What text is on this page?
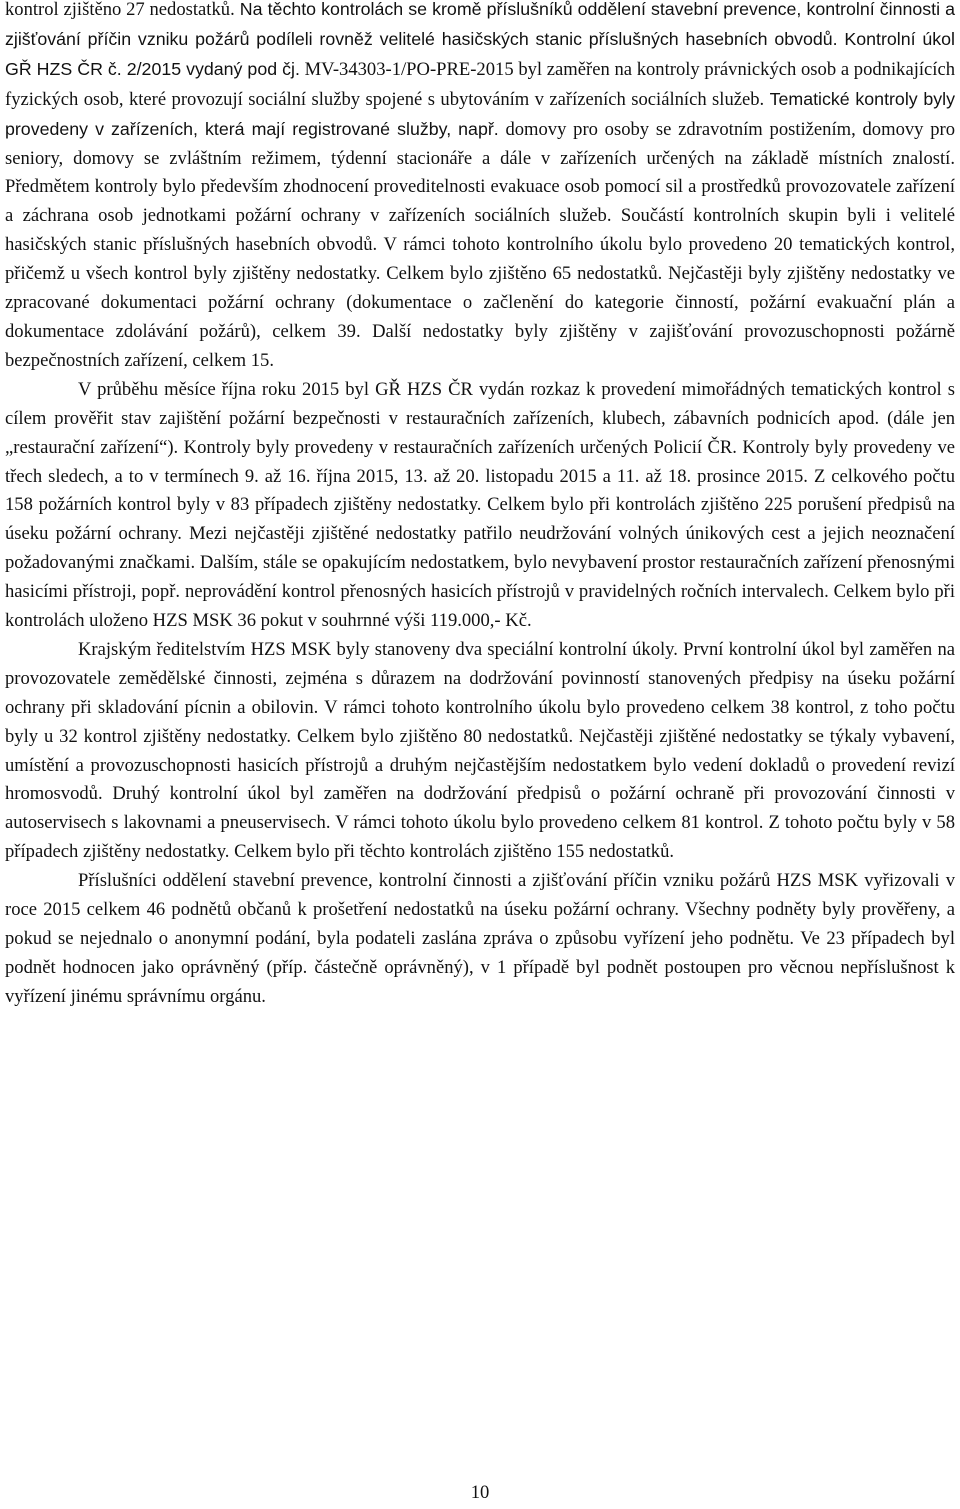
kontrol zjištěno 27 nedostatků. Na těchto kontrolách se kromě příslušníků oddělení stavební prevence, kontrolní činnosti a zjišťování příčin vzniku požárů podíleli rovněž velitelé hasičských stanic příslušných hasebních obvodů. Kontrolní úkol GŘ HZS ČR č. 2/2015 vydaný pod čj. MV-34303-1/PO-PRE-2015 byl zaměřen na kontroly právnických osob a podnikajících fyzických osob, které provozují sociální služby spojené s ubytováním v zařízeních sociálních služeb. Tematické kontroly byly provedeny v zařízeních, která mají registrované služby, např. domovy pro osoby se zdravotním postižením, domovy pro seniory, domovy se zvláštním režimem, týdenní stacionáře a dále v zařízeních určených na základě místních znalostí. Předmětem kontroly bylo především zhodnocení proveditelnosti evakuace osob pomocí sil a prostředků provozovatele zařízení a záchrana osob jednotkami požární ochrany v zařízeních sociálních služeb. Součástí kontrolních skupin byli i velitelé hasičských stanic příslušných hasebních obvodů. V rámci tohoto kontrolního úkolu bylo provedeno 20 tematických kontrol, přičemž u všech kontrol byly zjištěny nedostatky. Celkem bylo zjištěno 65 nedostatků. Nejčastěji byly zjištěny nedostatky ve zpracované dokumentaci požární ochrany (dokumentace o začlenění do kategorie činností, požární evakuační plán a dokumentace zdolávání požárů), celkem 39. Další nedostatky byly zjištěny v zajišťování provozuschopnosti požárně bezpečnostních zařízení, celkem 15.

V průběhu měsíce října roku 2015 byl GŘ HZS ČR vydán rozkaz k provedení mimořádných tematických kontrol s cílem prověřit stav zajištění požární bezpečnosti v restauračních zařízeních, klubech, zábavních podnicích apod. (dále jen „restaurační zařízení“). Kontroly byly provedeny v restauračních zařízeních určených Policií ČR. Kontroly byly provedeny ve třech sledech, a to v termínech 9. až 16. října 2015, 13. až 20. listopadu 2015 a 11. až 18. prosince 2015. Z celkového počtu 158 požárních kontrol byly v 83 případech zjištěny nedostatky. Celkem bylo při kontrolách zjištěno 225 porušení předpisů na úseku požární ochrany. Mezi nejčastěji zjištěné nedostatky patřilo neudržování volných únikových cest a jejich neoznačení požadovanými značkami. Dalším, stále se opakujícím nedostatkem, bylo nevybavení prostor restauračních zařízení přenosnými hasicími přístroji, popř. neprovádění kontrol přenosných hasicích přístrojů v pravidelných ročních intervalech. Celkem bylo při kontrolách uloženo HZS MSK 36 pokut v souhrnné výši 119.000,- Kč.

Krajským ředitelstvím HZS MSK byly stanoveny dva speciální kontrolní úkoly. První kontrolní úkol byl zaměřen na provozovatele zemědělské činnosti, zejména s důrazem na dodržování povinností stanovených předpisy na úseku požární ochrany při skladování pícnin a obilovin. V rámci tohoto kontrolního úkolu bylo provedeno celkem 38 kontrol, z toho počtu byly u 32 kontrol zjištěny nedostatky. Celkem bylo zjištěno 80 nedostatků. Nejčastěji zjištěné nedostatky se týkaly vybavení, umístění a provozuschopnosti hasicích přístrojů a druhým nejčastějším nedostatkem bylo vedení dokladů o provedení revizí hromosvodů. Druhý kontrolní úkol byl zaměřen na dodržování předpisů o požární ochraně při provozování činnosti v autoservisech s lakovnami a pneuservisech. V rámci tohoto úkolu bylo provedeno celkem 81 kontrol. Z tohoto počtu byly v 58 případech zjištěny nedostatky. Celkem bylo při těchto kontrolách zjištěno 155 nedostatků.

Příslušníci oddělení stavební prevence, kontrolní činnosti a zjišťování příčin vzniku požárů HZS MSK vyřizovali v roce 2015 celkem 46 podnětů občanů k prošetření nedostatků na úseku požární ochrany. Všechny podněty byly prověřeny, a pokud se nejednalo o anonymní podání, byla podateli zaslána zpráva o způsobu vyřízení jeho podnětu. Ve 23 případech byl podnět hodnocen jako oprávněný (příp. částečně oprávněný), v 1 případě byl podnět postoupen pro věcnou nepříslušnost k vyřízení jinému správnímu orgánu.

10
